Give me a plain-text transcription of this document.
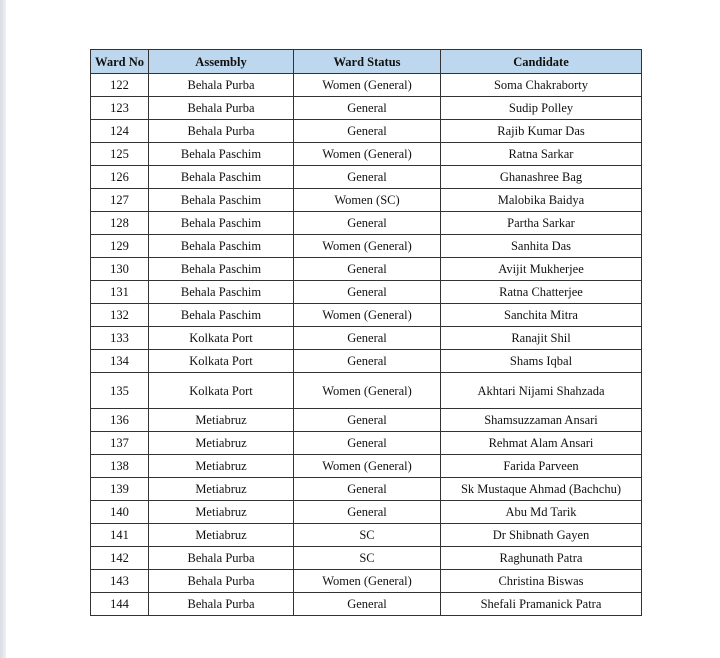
Ward No	Assembly	Ward Status	Candidate
122	Behala Purba	Women (General)	Soma Chakraborty
123	Behala Purba	General	Sudip Polley
124	Behala Purba	General	Rajib Kumar Das
125	Behala Paschim	Women (General)	Ratna Sarkar
126	Behala Paschim	General	Ghanashree Bag
127	Behala Paschim	Women (SC)	Malobika Baidya
128	Behala Paschim	General	Partha Sarkar
129	Behala Paschim	Women (General)	Sanhita Das
130	Behala Paschim	General	Avijit Mukherjee
131	Behala Paschim	General	Ratna Chatterjee
132	Behala Paschim	Women (General)	Sanchita Mitra
133	Kolkata Port	General	Ranajit Shil
134	Kolkata Port	General	Shams Iqbal
135	Kolkata Port	Women (General)	Akhtari Nijami Shahzada
136	Metiabruz	General	Shamsuzzaman Ansari
137	Metiabruz	General	Rehmat Alam Ansari
138	Metiabruz	Women (General)	Farida Parveen
139	Metiabruz	General	Sk Mustaque Ahmad (Bachchu)
140	Metiabruz	General	Abu Md Tarik
141	Metiabruz	SC	Dr Shibnath Gayen
142	Behala Purba	SC	Raghunath Patra
143	Behala Purba	Women (General)	Christina Biswas
144	Behala Purba	General	Shefali Pramanick Patra
